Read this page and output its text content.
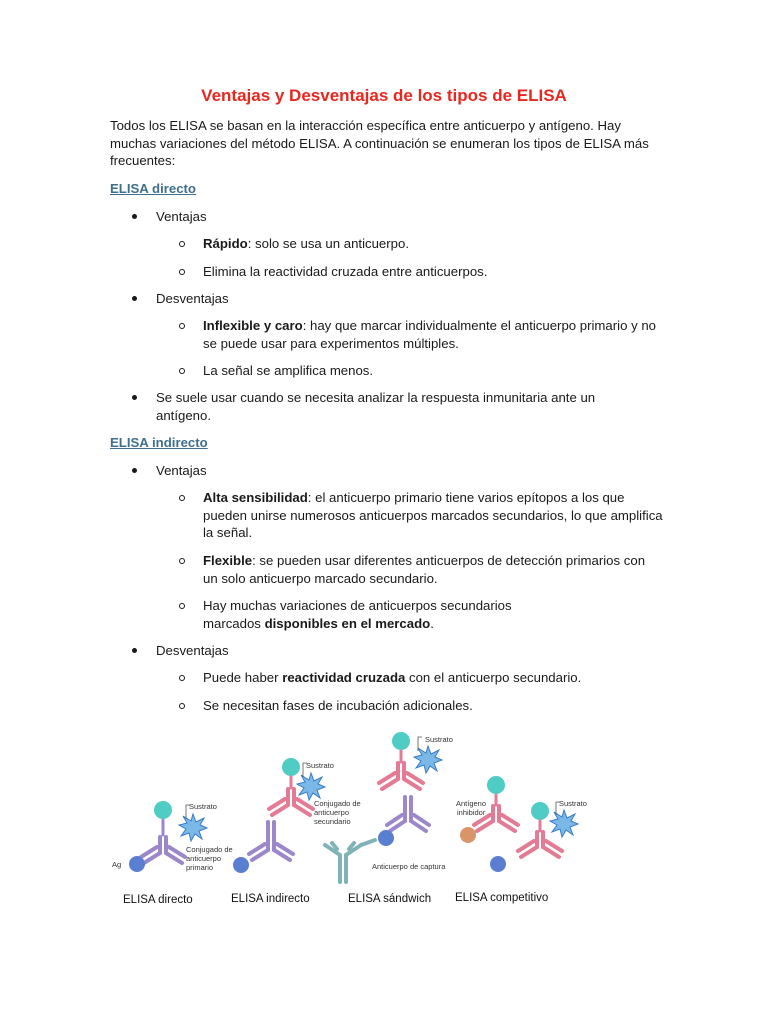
Ventajas y Desventajas de los tipos de ELISA
Todos los ELISA se basan en la interacción específica entre anticuerpo y antígeno. Hay muchas variaciones del método ELISA. A continuación se enumeran los tipos de ELISA más frecuentes:
ELISA directo
Ventajas
Rápido: solo se usa un anticuerpo.
Elimina la reactividad cruzada entre anticuerpos.
Desventajas
Inflexible y caro: hay que marcar individualmente el anticuerpo primario y no se puede usar para experimentos múltiples.
La señal se amplifica menos.
Se suele usar cuando se necesita analizar la respuesta inmunitaria ante un antígeno.
ELISA indirecto
Ventajas
Alta sensibilidad: el anticuerpo primario tiene varios epítopos a los que pueden unirse numerosos anticuerpos marcados secundarios, lo que amplifica la señal.
Flexible: se pueden usar diferentes anticuerpos de detección primarios con un solo anticuerpo marcado secundario.
Hay muchas variaciones de anticuerpos secundarios marcados disponibles en el mercado.
Desventajas
Puede haber reactividad cruzada con el anticuerpo secundario.
Se necesitan fases de incubación adicionales.
Sustrato
Conjugado de
anticuerpo
primario
Ag
ELISA directo
Sustrato
Conjugado de
anticuerpo
secundario
ELISA indirecto
Sustrato
Anticuerpo de captura
ELISA sándwich
Sustrato
Antígeno
inhibidor
ELISA competitivo
